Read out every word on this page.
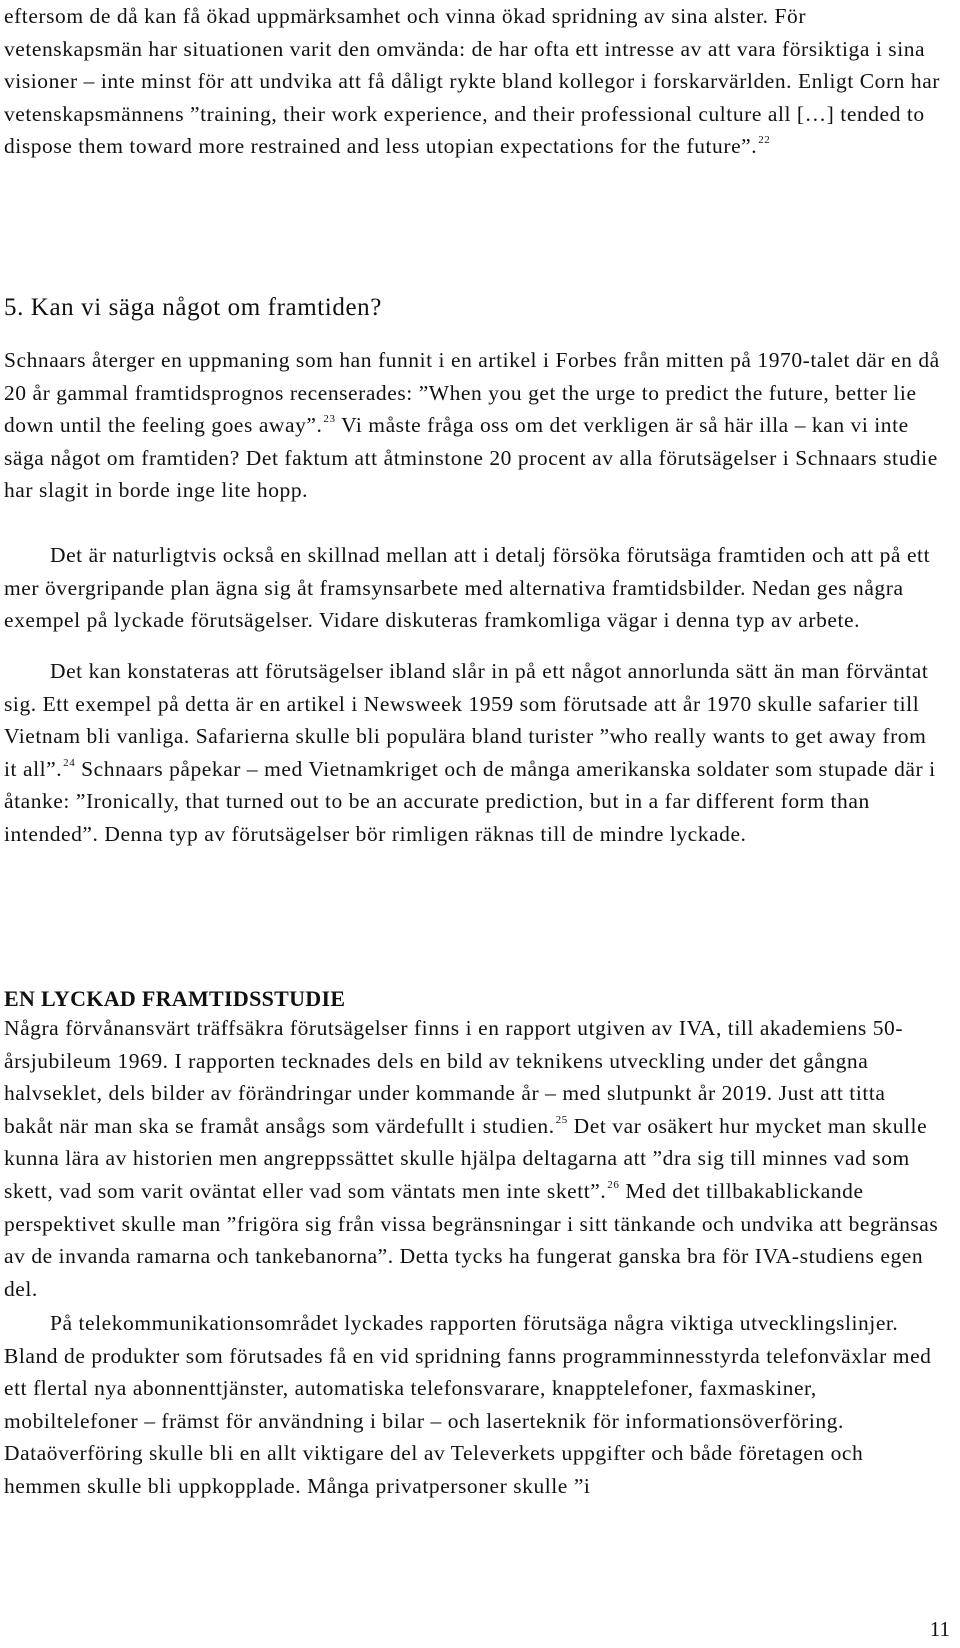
eftersom de då kan få ökad uppmärksamhet och vinna ökad spridning av sina alster. För vetenskapsmän har situationen varit den omvända: de har ofta ett intresse av att vara försiktiga i sina visioner – inte minst för att undvika att få dåligt rykte bland kollegor i forskarvärlden. Enligt Corn har vetenskapsmännens ”training, their work experience, and their professional culture all […] tended to dispose them toward more restrained and less utopian expectations for the future”.$^{22}$

5. Kan vi säga något om framtiden?

Schnaars återger en uppmaning som han funnit i en artikel i Forbes från mitten på 1970-talet där en då 20 år gammal framtidsprognos recenserades: ”When you get the urge to predict the future, better lie down until the feeling goes away”.$^{23}$ Vi måste fråga oss om det verkligen är så här illa – kan vi inte säga något om framtiden? Det faktum att åtminstone 20 procent av alla förutsägelser i Schnaars studie har slagit in borde inge lite hopp.

Det är naturligtvis också en skillnad mellan att i detalj försöka förutsäga framtiden och att på ett mer övergripande plan ägna sig åt framsynsarbete med alternativa framtidsbilder. Nedan ges några exempel på lyckade förutsägelser. Vidare diskuteras framkomliga vägar i denna typ av arbete.

Det kan konstateras att förutsägelser ibland slår in på ett något annorlunda sätt än man förväntat sig. Ett exempel på detta är en artikel i Newsweek 1959 som förutsade att år 1970 skulle safarier till Vietnam bli vanliga. Safarierna skulle bli populära bland turister ”who really wants to get away from it all”.$^{24}$ Schnaars påpekar – med Vietnamkriget och de många amerikanska soldater som stupade där i åtanke: ”Ironically, that turned out to be an accurate prediction, but in a far different form than intended”. Denna typ av förutsägelser bör rimligen räknas till de mindre lyckade.

EN LYCKAD FRAMTIDSSTUDIE

Några förvånansvärt träffsäkra förutsägelser finns i en rapport utgiven av IVA, till akademiens 50-årsjubileum 1969. I rapporten tecknades dels en bild av teknikens utveckling under det gångna halvseklet, dels bilder av förändringar under kommande år – med slutpunkt år 2019. Just att titta bakåt när man ska se framåt ansågs som värdefullt i studien.$^{25}$ Det var osäkert hur mycket man skulle kunna lära av historien men angreppssättet skulle hjälpa deltagarna att ”dra sig till minnes vad som skett, vad som varit oväntat eller vad som väntats men inte skett”.$^{26}$ Med det tillbakablickande perspektivet skulle man ”frigöra sig från vissa begränsningar i sitt tänkande och undvika att begränsas av de invanda ramarna och tankebanorna”. Detta tycks ha fungerat ganska bra för IVA-studiens egen del.

På telekommunikationsområdet lyckades rapporten förutsäga några viktiga utvecklingslinjer. Bland de produkter som förutsades få en vid spridning fanns programminnesstyrda telefonväxlar med ett flertal nya abonnenttjänster, automatiska telefonsvarare, knapptelefoner, faxmaskiner, mobiltelefoner – främst för användning i bilar – och laserteknik för informationsöverföring. Dataöverföring skulle bli en allt viktigare del av Televerkets uppgifter och både företagen och hemmen skulle bli uppkopplade. Många privatpersoner skulle ”i

11
